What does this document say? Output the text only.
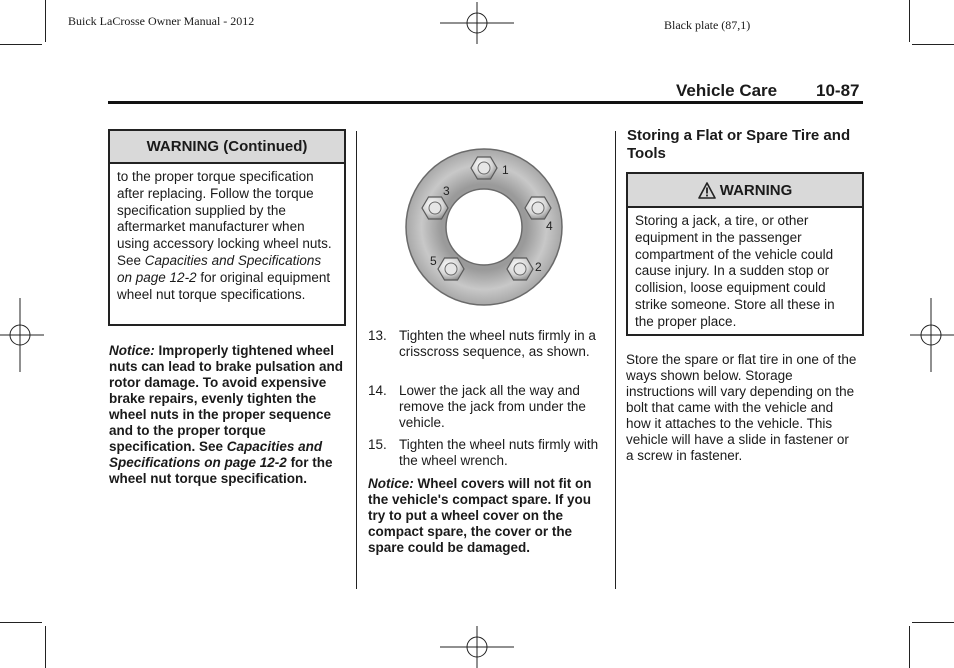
Buick LaCrosse Owner Manual - 2012	Black plate (87,1)
Vehicle Care 10-87
WARNING (Continued)
to the proper torque specification after replacing. Follow the torque specification supplied by the aftermarket manufacturer when using accessory locking wheel nuts. See Capacities and Specifications on page 12-2 for original equipment wheel nut torque specifications.
Notice: Improperly tightened wheel nuts can lead to brake pulsation and rotor damage. To avoid expensive brake repairs, evenly tighten the wheel nuts in the proper sequence and to the proper torque specification. See Capacities and Specifications on page 12-2 for the wheel nut torque specification.
1
2
3
4
5
13. Tighten the wheel nuts firmly in a crisscross sequence, as shown.
14. Lower the jack all the way and remove the jack from under the vehicle.
15. Tighten the wheel nuts firmly with the wheel wrench.
Notice: Wheel covers will not fit on the vehicle's compact spare. If you try to put a wheel cover on the compact spare, the cover or the spare could be damaged.
Storing a Flat or Spare Tire and Tools
WARNING
Storing a jack, a tire, or other equipment in the passenger compartment of the vehicle could cause injury. In a sudden stop or collision, loose equipment could strike someone. Store all these in the proper place.
Store the spare or flat tire in one of the ways shown below. Storage instructions will vary depending on the bolt that came with the vehicle and how it attaches to the vehicle. This vehicle will have a slide in fastener or a screw in fastener.
